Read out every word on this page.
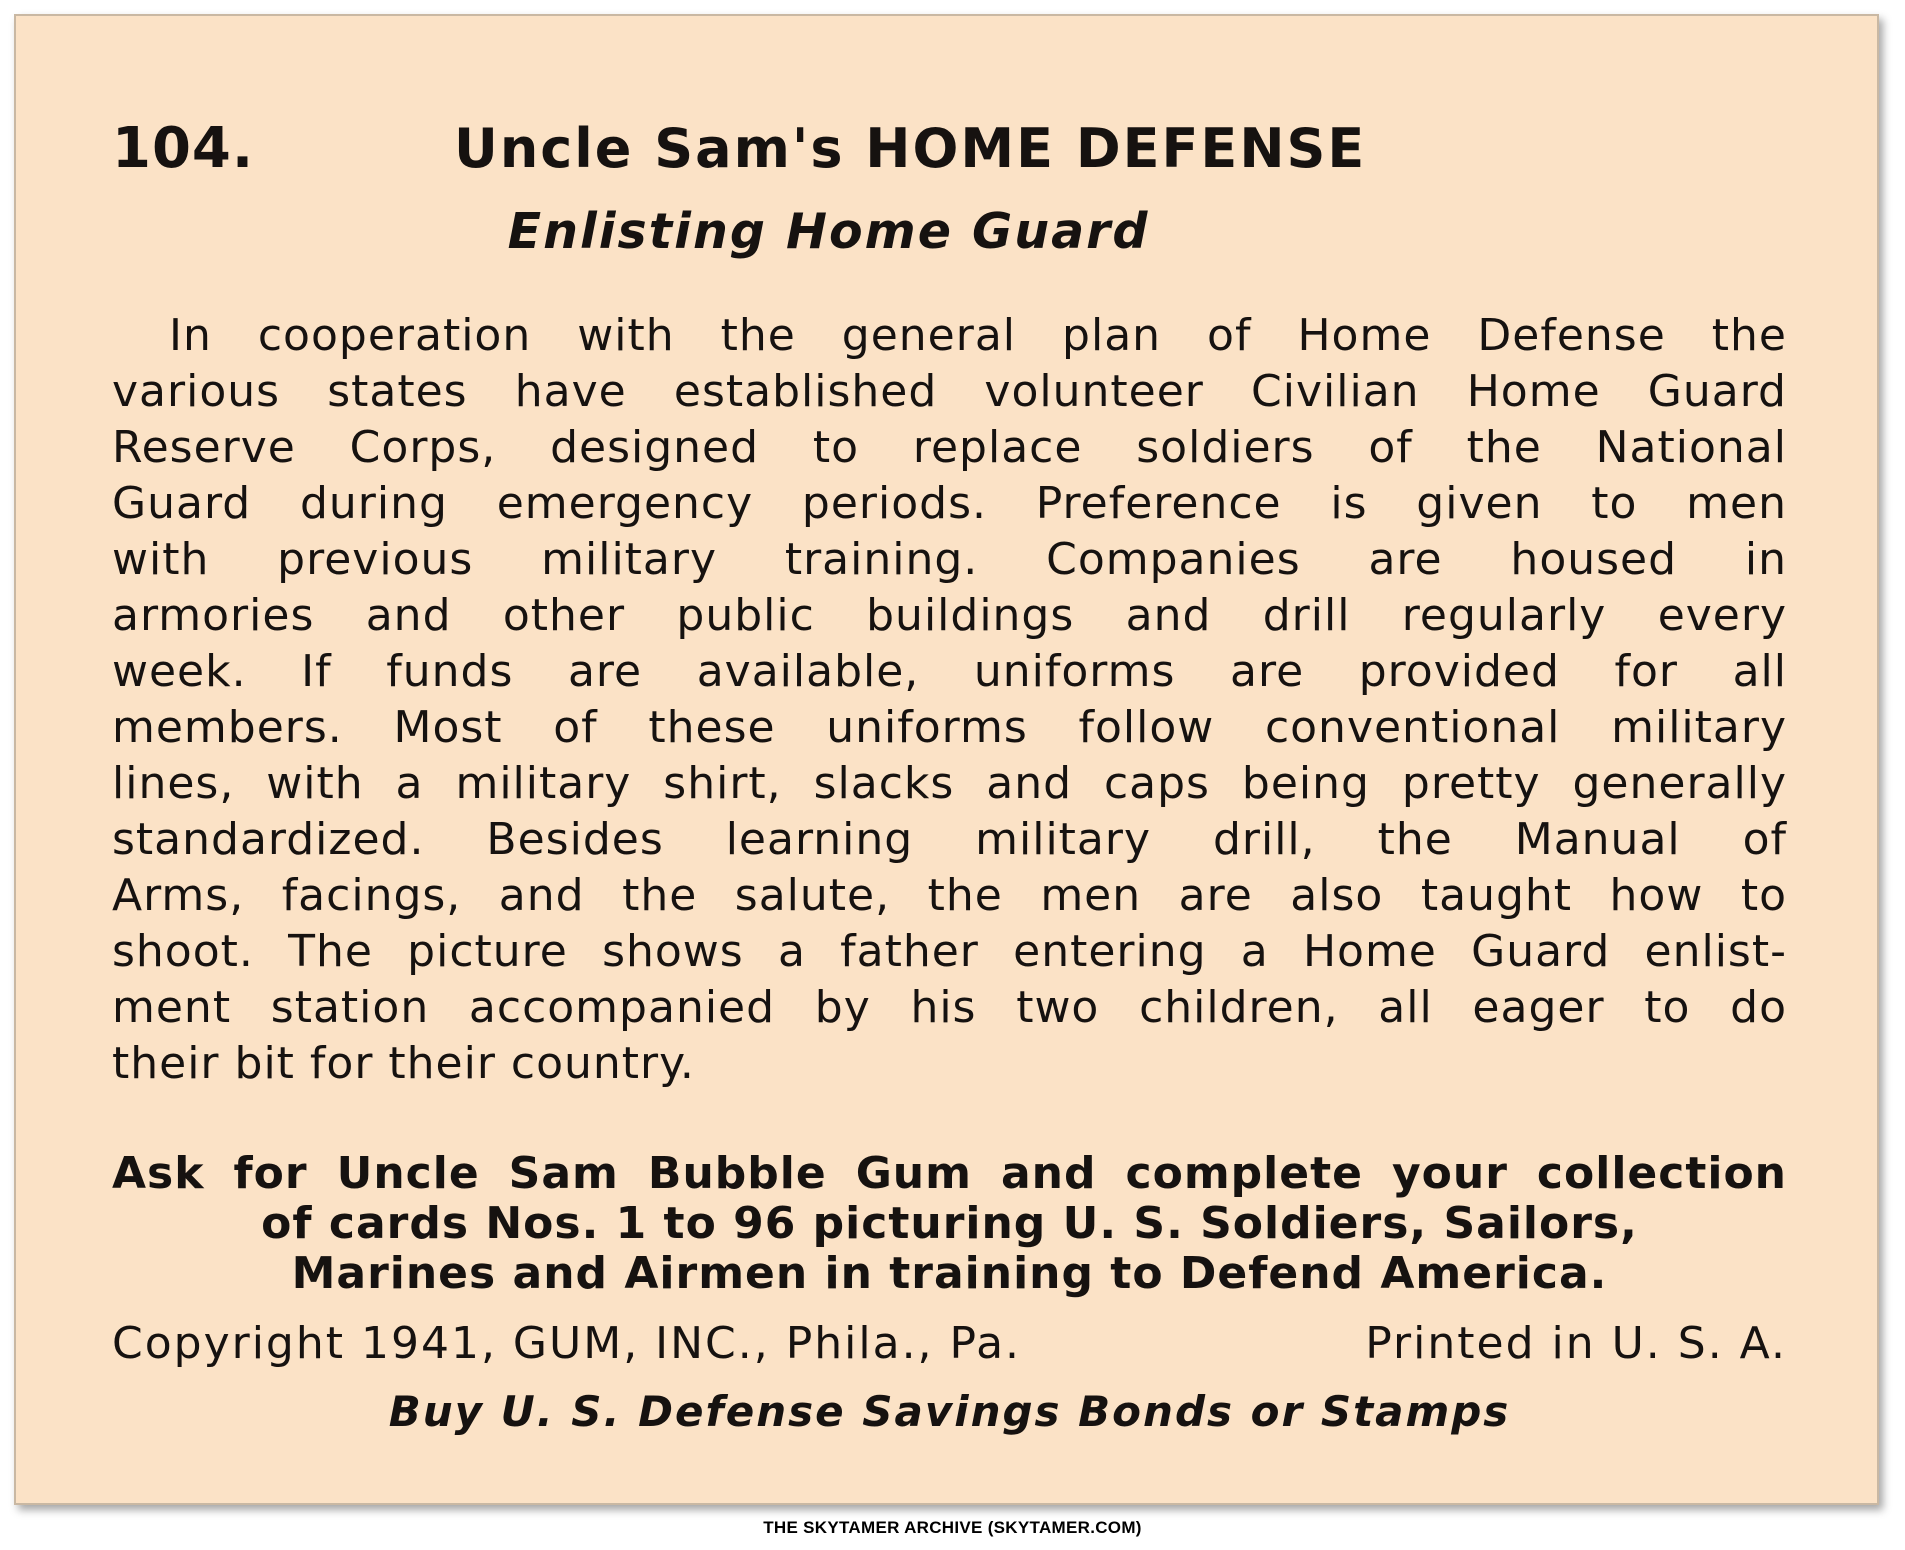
104.	Uncle Sam's HOME DEFENSE
Enlisting Home Guard
In cooperation with the general plan of Home Defense the
various states have established volunteer Civilian Home Guard
Reserve Corps, designed to replace soldiers of the National
Guard during emergency periods. Preference is given to men
with previous military training. Companies are housed in
armories and other public buildings and drill regularly every
week. If funds are available, uniforms are provided for all
members. Most of these uniforms follow conventional military
lines, with a military shirt, slacks and caps being pretty generally
standardized. Besides learning military drill, the Manual of
Arms, facings, and the salute, the men are also taught how to
shoot. The picture shows a father entering a Home Guard enlist-
ment station accompanied by his two children, all eager to do
their bit for their country.
Ask for Uncle Sam Bubble Gum and complete your collection
of cards Nos. 1 to 96 picturing U. S. Soldiers, Sailors,
Marines and Airmen in training to Defend America.
Copyright 1941, GUM, INC., Phila., Pa.	Printed in U. S. A.
Buy U. S. Defense Savings Bonds or Stamps
THE SKYTAMER ARCHIVE (SKYTAMER.COM)
